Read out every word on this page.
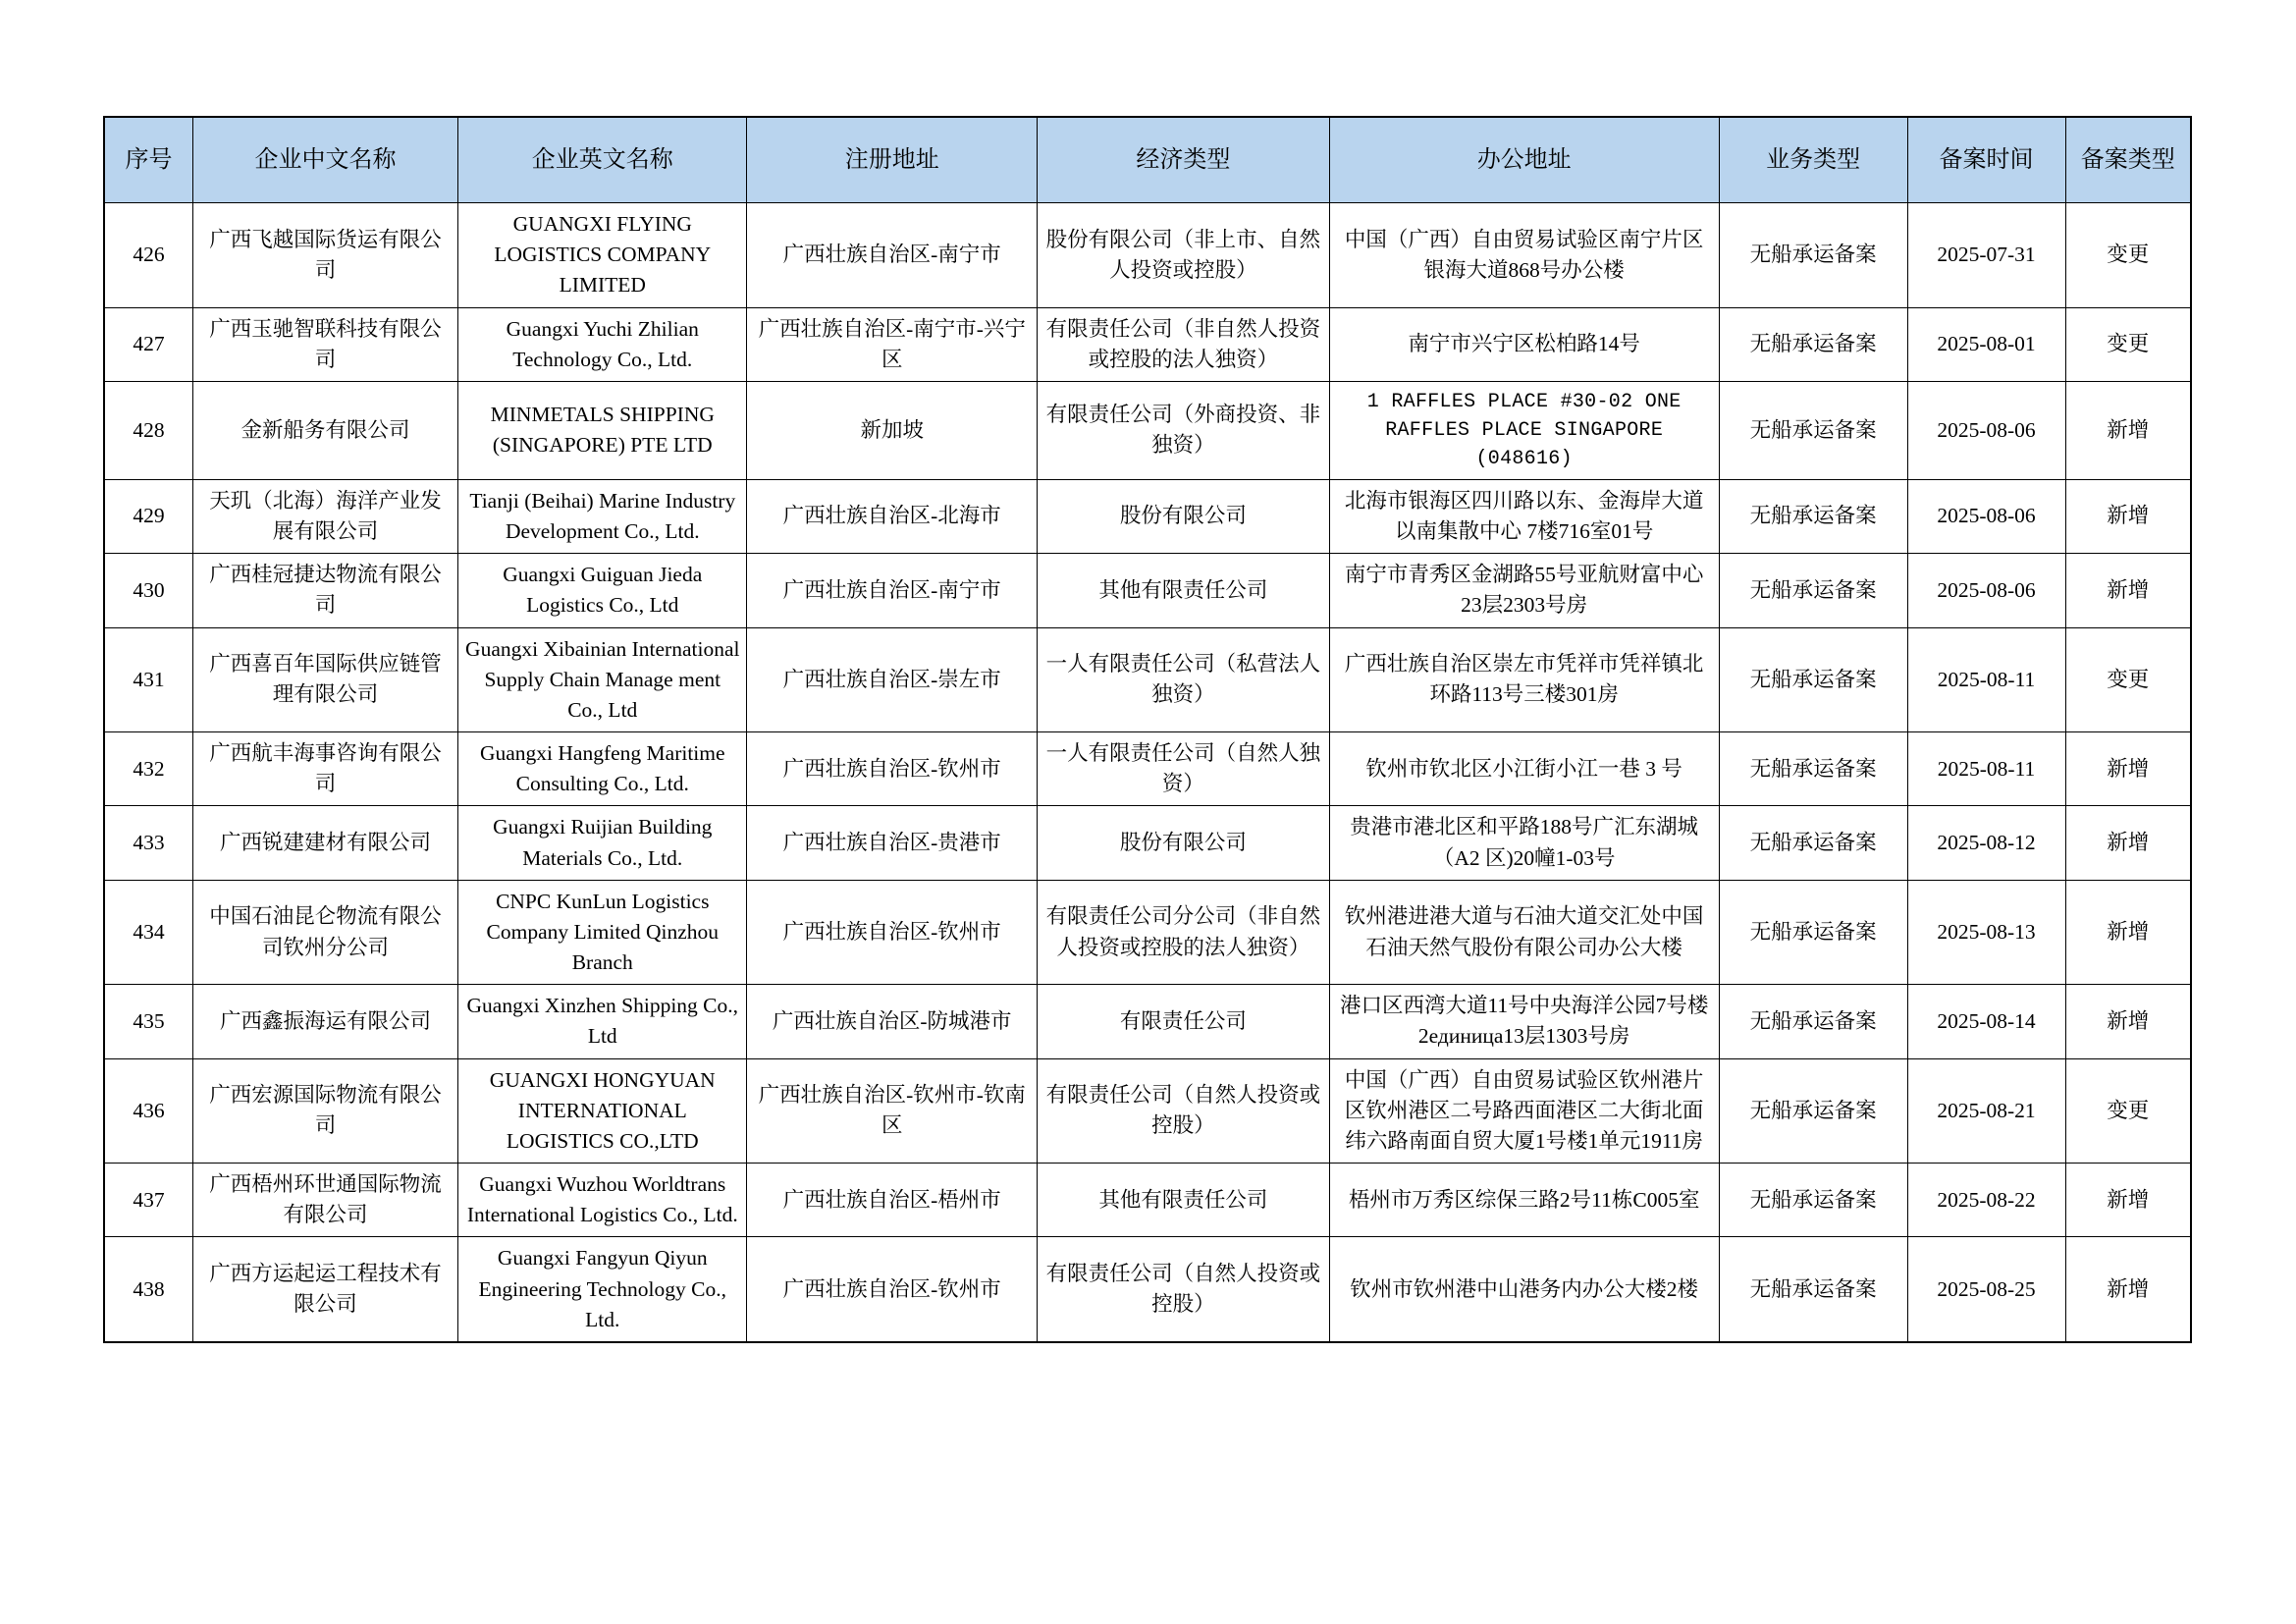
序号	企业中文名称	企业英文名称	注册地址	经济类型	办公地址	业务类型	备案时间	备案类型
426	广西飞越国际货运有限公司	GUANGXI FLYING LOGISTICS COMPANY LIMITED	广西壮族自治区-南宁市	股份有限公司（非上市、自然人投资或控股）	中国（广西）自由贸易试验区南宁片区银海大道868号办公楼	无船承运备案	2025-07-31	变更
427	广西玉驰智联科技有限公司	Guangxi Yuchi Zhilian Technology Co., Ltd.	广西壮族自治区-南宁市-兴宁区	有限责任公司（非自然人投资或控股的法人独资）	南宁市兴宁区松柏路14号	无船承运备案	2025-08-01	变更
428	金新船务有限公司	MINMETALS SHIPPING (SINGAPORE) PTE LTD	新加坡	有限责任公司（外商投资、非独资）	1 RAFFLES PLACE #30-02 ONE RAFFLES PLACE SINGAPORE (048616)	无船承运备案	2025-08-06	新增
429	天玑（北海）海洋产业发展有限公司	Tianji (Beihai) Marine Industry Development Co., Ltd.	广西壮族自治区-北海市	股份有限公司	北海市银海区四川路以东、金海岸大道以南集散中心 7楼716室01号	无船承运备案	2025-08-06	新增
430	广西桂冠捷达物流有限公司	Guangxi Guiguan Jieda Logistics Co., Ltd	广西壮族自治区-南宁市	其他有限责任公司	南宁市青秀区金湖路55号亚航财富中心23层2303号房	无船承运备案	2025-08-06	新增
431	广西喜百年国际供应链管理有限公司	Guangxi Xibainian International Supply Chain Manage ment Co., Ltd	广西壮族自治区-崇左市	一人有限责任公司（私营法人独资）	广西壮族自治区崇左市凭祥市凭祥镇北环路113号三楼301房	无船承运备案	2025-08-11	变更
432	广西航丰海事咨询有限公司	Guangxi Hangfeng Maritime Consulting Co., Ltd.	广西壮族自治区-钦州市	一人有限责任公司（自然人独资）	钦州市钦北区小江街小江一巷 3 号	无船承运备案	2025-08-11	新增
433	广西锐建建材有限公司	Guangxi Ruijian Building Materials Co., Ltd.	广西壮族自治区-贵港市	股份有限公司	贵港市港北区和平路188号广汇东湖城（A2 区)20幢1-03号	无船承运备案	2025-08-12	新增
434	中国石油昆仑物流有限公司钦州分公司	CNPC KunLun Logistics Company Limited Qinzhou Branch	广西壮族自治区-钦州市	有限责任公司分公司（非自然人投资或控股的法人独资）	钦州港进港大道与石油大道交汇处中国石油天然气股份有限公司办公大楼	无船承运备案	2025-08-13	新增
435	广西鑫振海运有限公司	Guangxi Xinzhen Shipping Co., Ltd	广西壮族自治区-防城港市	有限责任公司	港口区西湾大道11号中央海洋公园7号楼2единица13层1303号房	无船承运备案	2025-08-14	新增
436	广西宏源国际物流有限公司	GUANGXI HONGYUAN INTERNATIONAL LOGISTICS CO.,LTD	广西壮族自治区-钦州市-钦南区	有限责任公司（自然人投资或控股）	中国（广西）自由贸易试验区钦州港片区钦州港区二号路西面港区二大街北面纬六路南面自贸大厦1号楼1单元1911房	无船承运备案	2025-08-21	变更
437	广西梧州环世通国际物流有限公司	Guangxi Wuzhou Worldtrans International Logistics Co., Ltd.	广西壮族自治区-梧州市	其他有限责任公司	梧州市万秀区综保三路2号11栋C005室	无船承运备案	2025-08-22	新增
438	广西方运起运工程技术有限公司	Guangxi Fangyun Qiyun Engineering Technology Co., Ltd.	广西壮族自治区-钦州市	有限责任公司（自然人投资或控股）	钦州市钦州港中山港务内办公大楼2楼	无船承运备案	2025-08-25	新增
